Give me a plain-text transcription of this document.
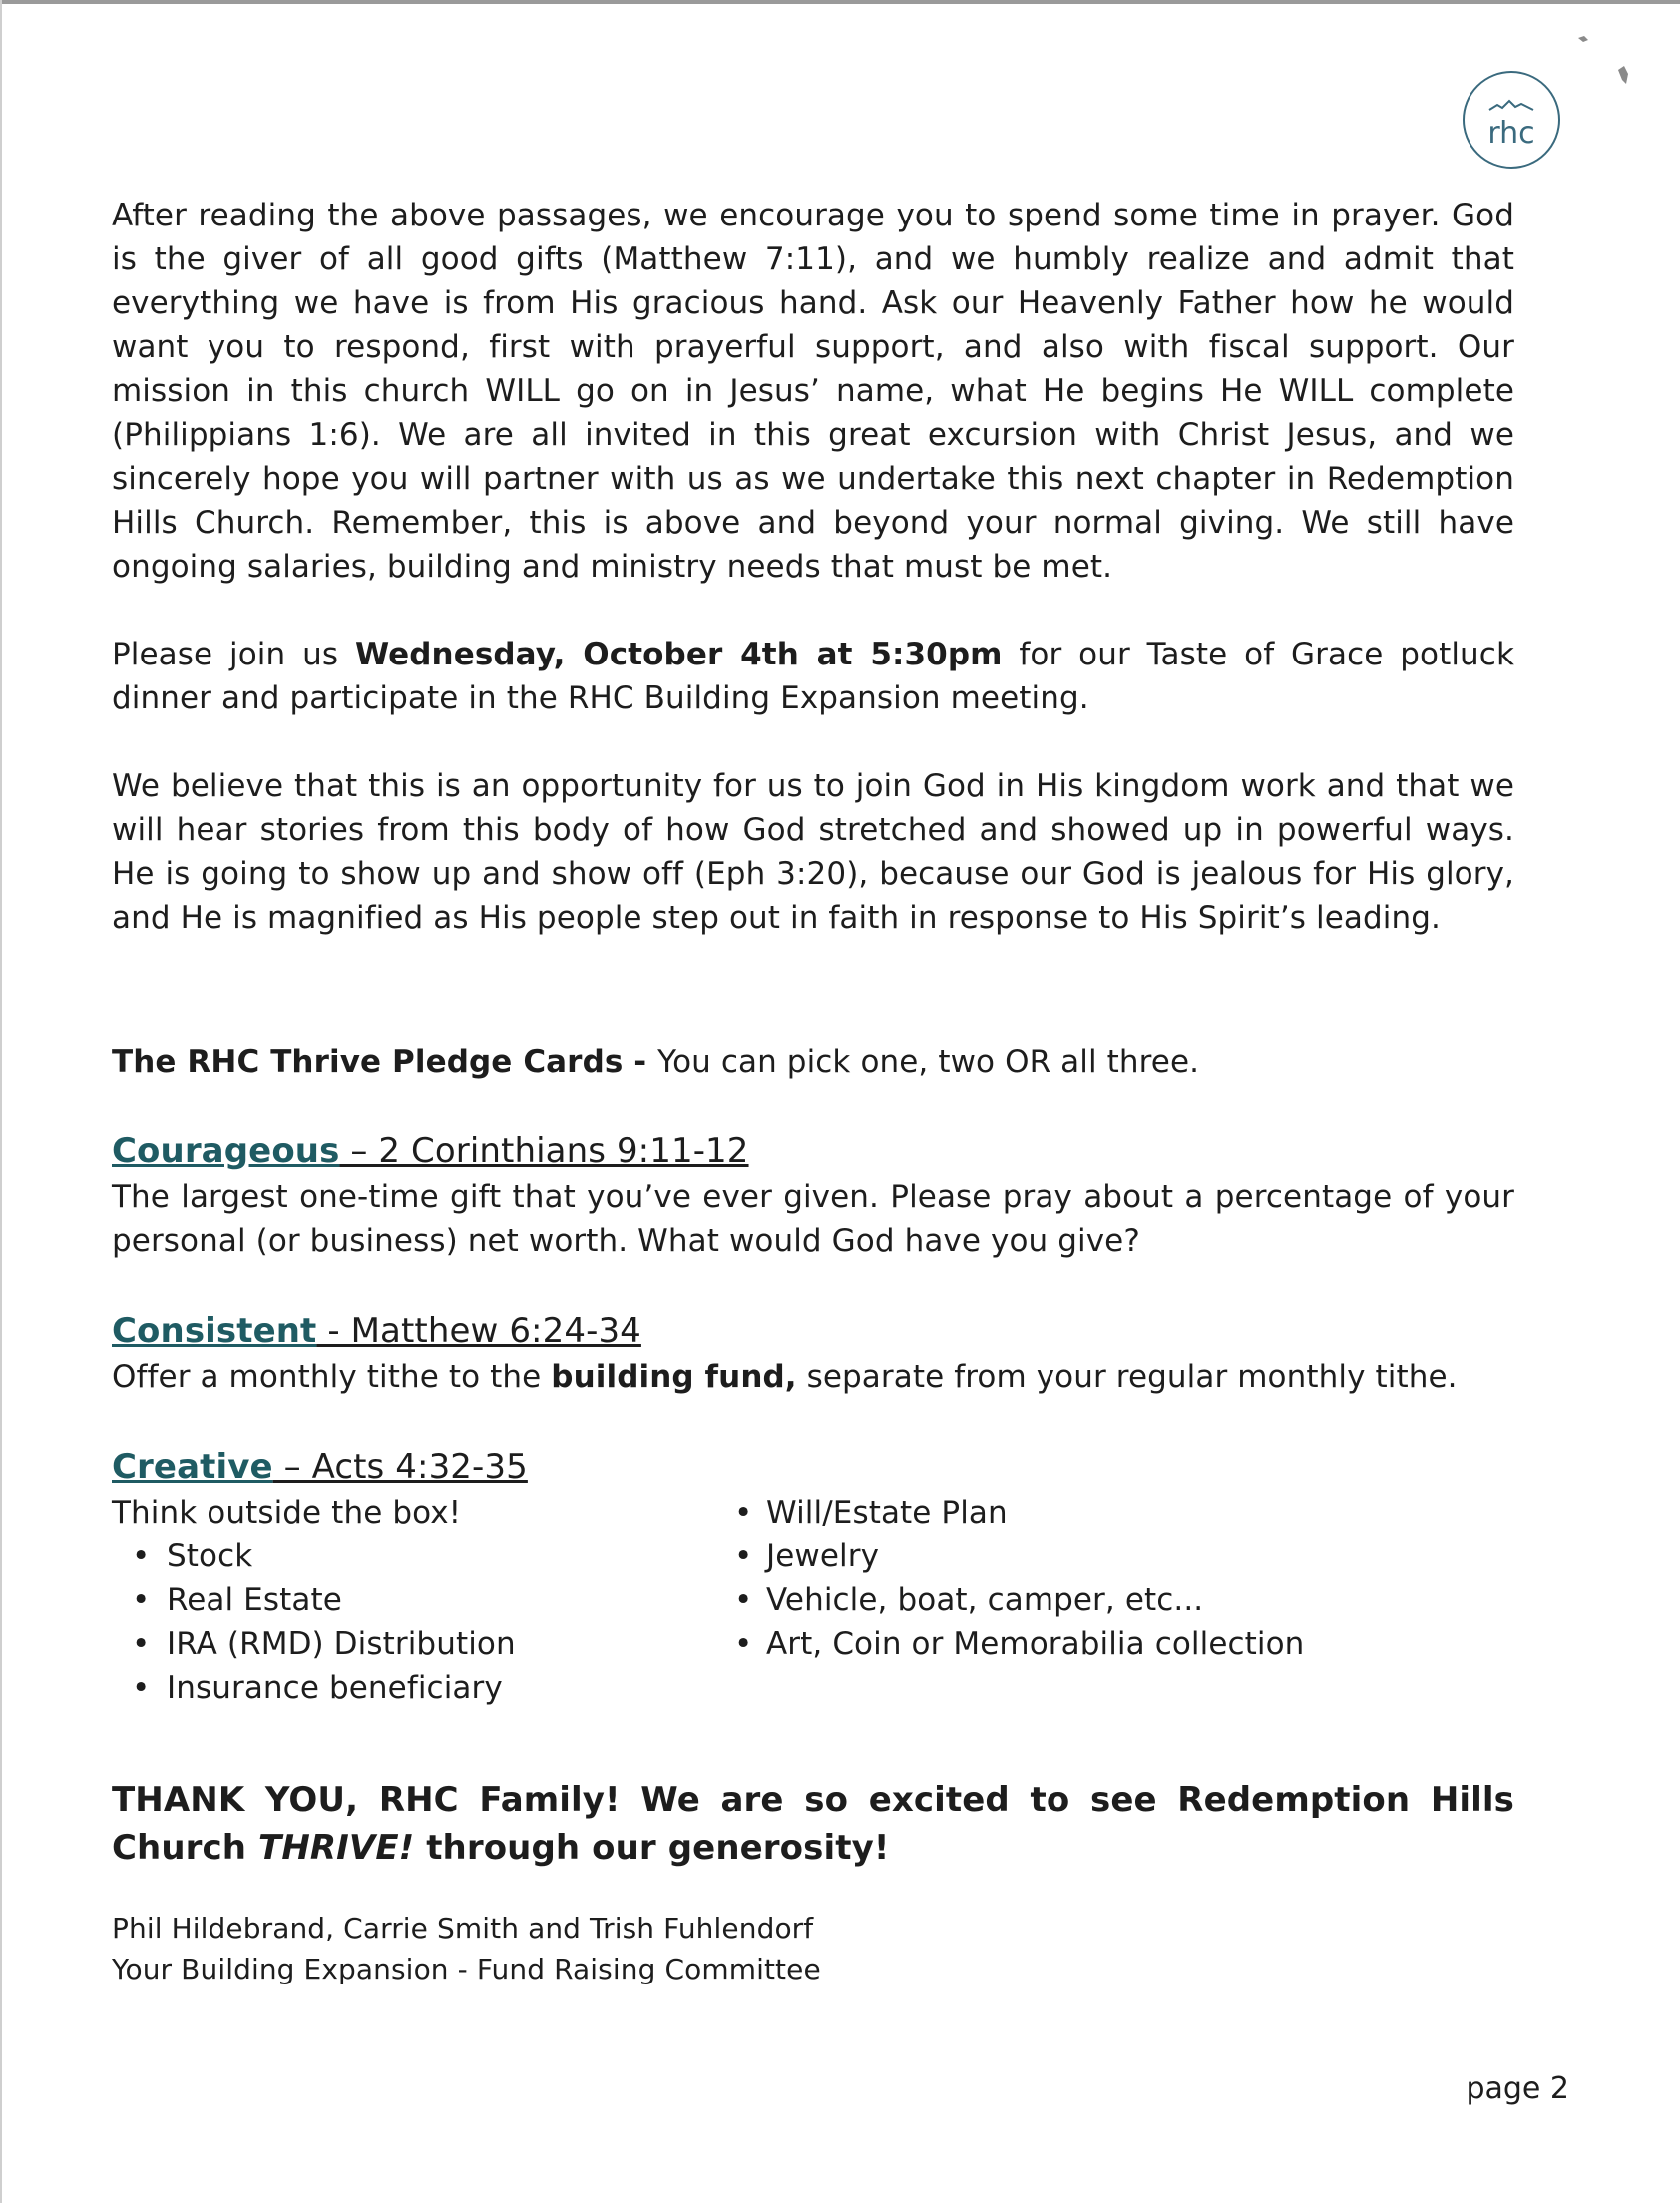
rhc

After reading the above passages, we encourage you to spend some time in prayer. God is the giver of all good gifts (Matthew 7:11), and we humbly realize and admit that everything we have is from His gracious hand. Ask our Heavenly Father how he would want you to respond, first with prayerful support, and also with fiscal support. Our mission in this church WILL go on in Jesus’ name, what He begins He WILL complete (Philippians 1:6). We are all invited in this great excursion with Christ Jesus, and we sincerely hope you will partner with us as we undertake this next chapter in Redemption Hills Church. Remember, this is above and beyond your normal giving. We still have ongoing salaries, building and ministry needs that must be met.

Please join us Wednesday, October 4th at 5:30pm for our Taste of Grace potluck dinner and participate in the RHC Building Expansion meeting.

We believe that this is an opportunity for us to join God in His kingdom work and that we will hear stories from this body of how God stretched and showed up in powerful ways. He is going to show up and show off (Eph 3:20), because our God is jealous for His glory, and He is magnified as His people step out in faith in response to His Spirit’s leading.

The RHC Thrive Pledge Cards - You can pick one, two OR all three.

Courageous – 2 Corinthians 9:11-12

The largest one-time gift that you’ve ever given. Please pray about a percentage of your personal (or business) net worth. What would God have you give?

Consistent - Matthew 6:24-34

Offer a monthly tithe to the building fund, separate from your regular monthly tithe.

Creative – Acts 4:32-35

Think outside the box!

• Stock
• Real Estate
• IRA (RMD) Distribution
• Insurance beneficiary
• Will/Estate Plan
• Jewelry
• Vehicle, boat, camper, etc...
• Art, Coin or Memorabilia collection

THANK YOU, RHC Family! We are so excited to see Redemption Hills Church THRIVE! through our generosity!

Phil Hildebrand, Carrie Smith and Trish Fuhlendorf

Your Building Expansion - Fund Raising Committee

page 2
